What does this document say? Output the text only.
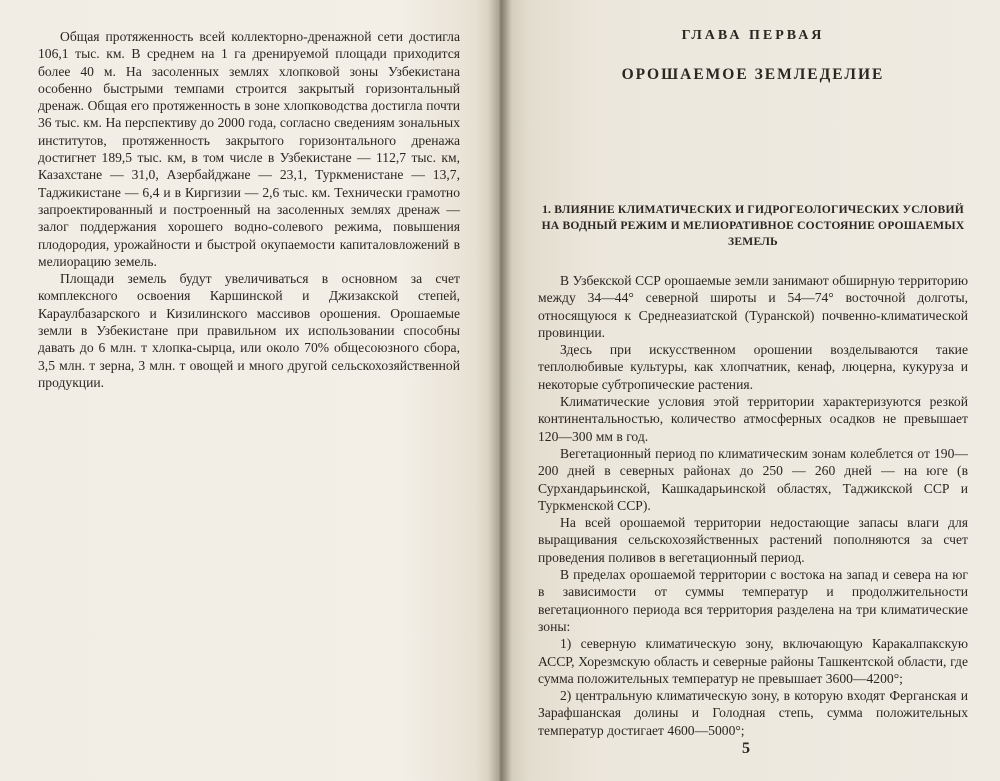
Общая протяженность всей коллекторно-дренажной сети достигла 106,1 тыс. км. В среднем на 1 га дренируемой площади приходится более 40 м. На засоленных землях хлопковой зоны Узбекистана особенно быстрыми темпами строится закрытый горизонтальный дренаж. Общая его протяженность в зоне хлопководства достигла почти 36 тыс. км. На перспективу до 2000 года, согласно сведениям зональных институтов, протяженность закрытого горизонтального дренажа достигнет 189,5 тыс. км, в том числе в Узбекистане — 112,7 тыс. км, Казахстане — 31,0, Азербайджане — 23,1, Туркменистане — 13,7, Таджикистане — 6,4 и в Киргизии — 2,6 тыс. км. Технически грамотно запроектированный и построенный на засоленных землях дренаж — залог поддержания хорошего водно-солевого режима, повышения плодородия, урожайности и быстрой окупаемости капиталовложений в мелиорацию земель.

Площади земель будут увеличиваться в основном за счет комплексного освоения Каршинской и Джизакской степей, Караулбазарского и Кизилинского массивов орошения. Орошаемые земли в Узбекистане при правильном их использовании способны давать до 6 млн. т хлопка-сырца, или около 70% общесоюзного сбора, 3,5 млн. т зерна, 3 млн. т овощей и много другой сельскохозяйственной продукции.

ГЛАВА ПЕРВАЯ

ОРОШАЕМОЕ ЗЕМЛЕДЕЛИЕ

1. ВЛИЯНИЕ КЛИМАТИЧЕСКИХ И ГИДРОГЕОЛОГИЧЕСКИХ УСЛОВИЙ НА ВОДНЫЙ РЕЖИМ И МЕЛИОРАТИВНОЕ СОСТОЯНИЕ ОРОШАЕМЫХ ЗЕМЕЛЬ

В Узбекской ССР орошаемые земли занимают обширную территорию между 34—44° северной широты и 54—74° восточной долготы, относящуюся к Среднеазиатской (Туранской) почвенно-климатической провинции.

Здесь при искусственном орошении возделываются такие теплолюбивые культуры, как хлопчатник, кенаф, люцерна, кукуруза и некоторые субтропические растения.

Климатические условия этой территории характеризуются резкой континентальностью, количество атмосферных осадков не превышает 120—300 мм в год.

Вегетационный период по климатическим зонам колеблется от 190—200 дней в северных районах до 250 — 260 дней — на юге (в Сурхандарьинской, Кашкадарьинской областях, Таджикской ССР и Туркменской ССР).

На всей орошаемой территории недостающие запасы влаги для выращивания сельскохозяйственных растений пополняются за счет проведения поливов в вегетационный период.

В пределах орошаемой территории с востока на запад и севера на юг в зависимости от суммы температур и продолжительности вегетационного периода вся территория разделена на три климатические зоны:

1) северную климатическую зону, включающую Каракалпакскую АССР, Хорезмскую область и северные районы Ташкентской области, где сумма положительных температур не превышает 3600—4200°;

2) центральную климатическую зону, в которую входят Ферганская и Зарафшанская долины и Голодная степь, сумма положительных температур достигает 4600—5000°;

5
